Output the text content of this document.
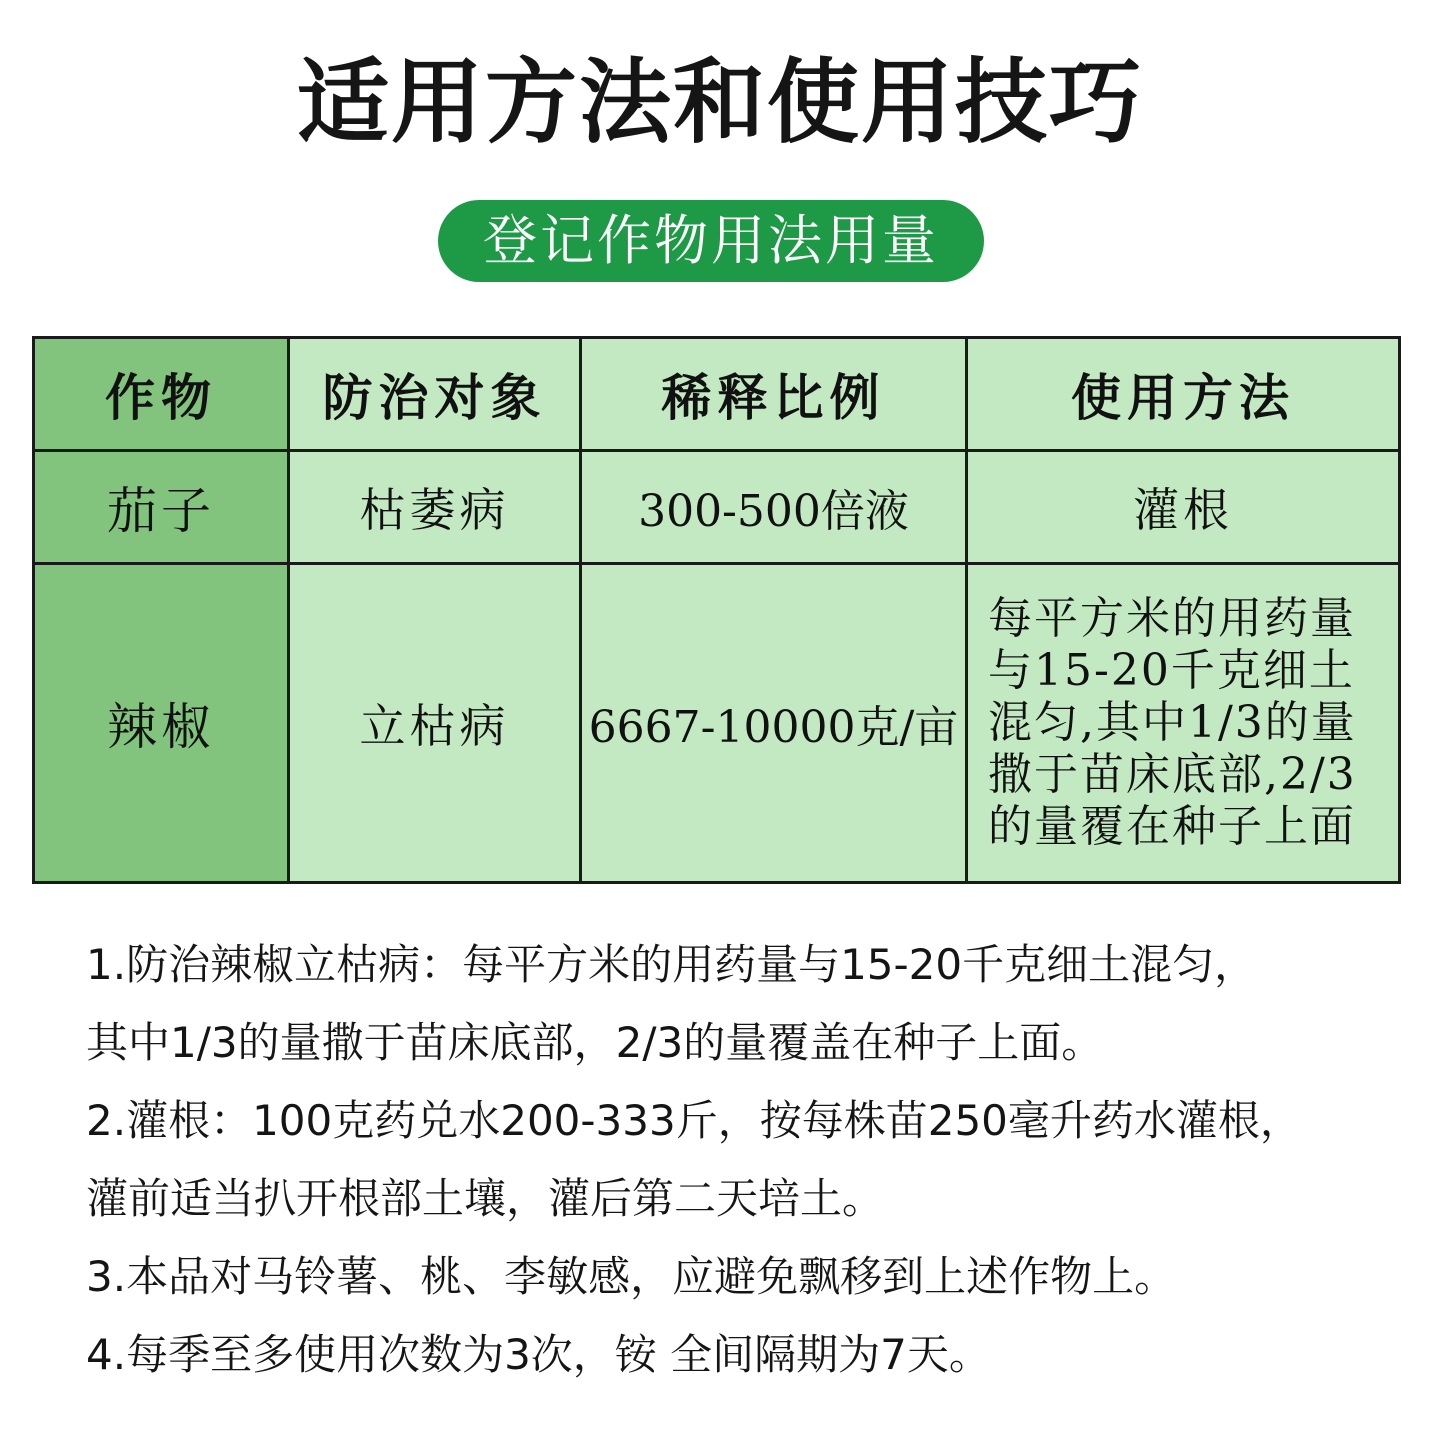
适用方法和使用技巧
登记作物用法用量
作物	防治对象	稀释比例	使用方法
茄子	枯萎病	300-500倍液	灌根
辣椒	立枯病	6667-10000克/亩	每平方米的用药量与15-20千克细土混匀,其中1/3的量撒于苗床底部,2/3的量覆在种子上面

1.防治辣椒立枯病：每平方米的用药量与15-20千克细土混匀，

其中1/3的量撒于苗床底部，2/3的量覆盖在种子上面。

2.灌根：100克药兑水200-333斤，按每株苗250毫升药水灌根，

灌前适当扒开根部土壤，灌后第二天培土。

3.本品对马铃薯、桃、李敏感，应避免飘移到上述作物上。

4.每季至多使用次数为3次，铵 全间隔期为7天。
